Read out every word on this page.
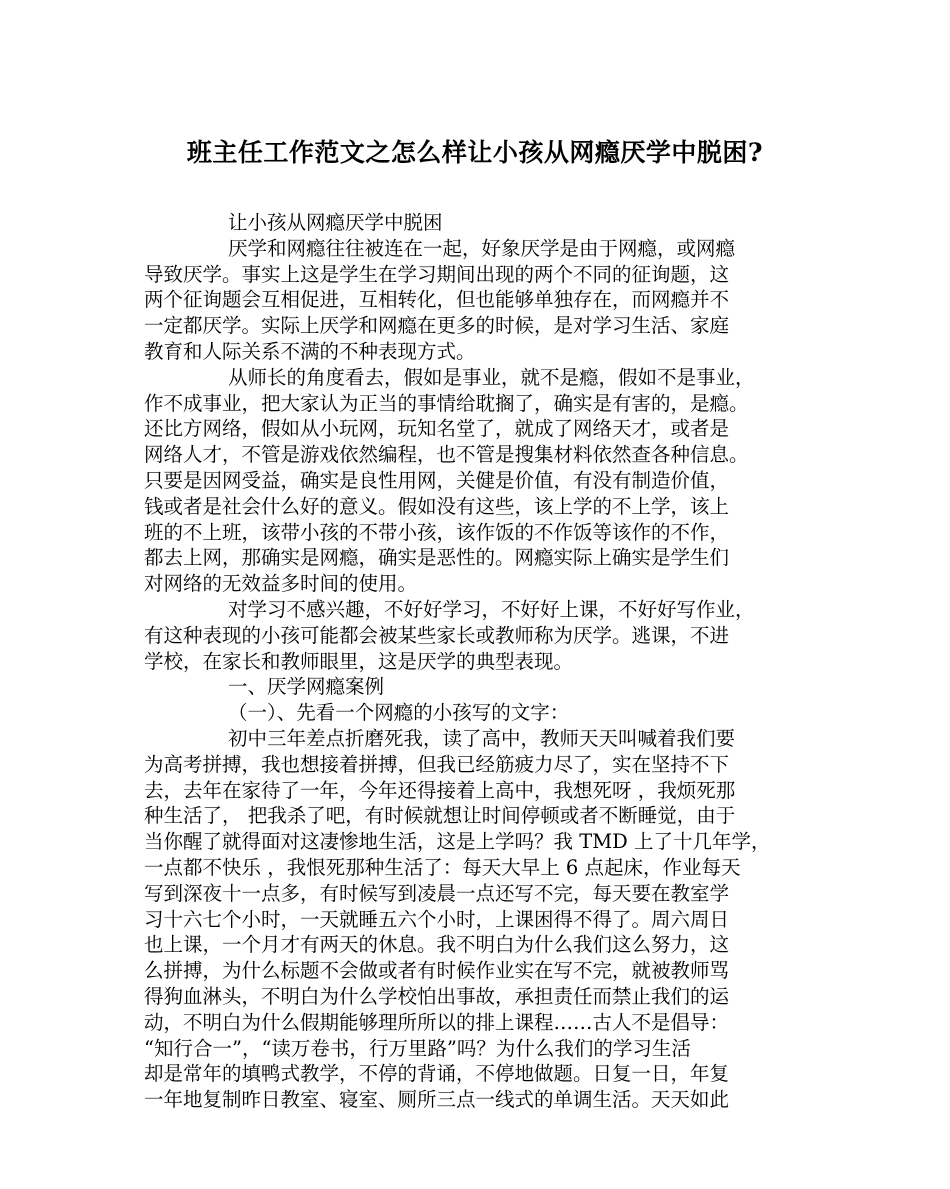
班主任工作范文之怎么样让小孩从网瘾厌学中脱困?
让小孩从网瘾厌学中脱困
厌学和网瘾往往被连在一起，好象厌学是由于网瘾，或网瘾
导致厌学。事实上这是学生在学习期间出现的两个不同的征询题，这
两个征询题会互相促进，互相转化，但也能够单独存在，而网瘾并不
一定都厌学。实际上厌学和网瘾在更多的时候，是对学习生活、家庭
教育和人际关系不满的不种表现方式。
从师长的角度看去，假如是事业，就不是瘾，假如不是事业，
作不成事业，把大家认为正当的事情给耽搁了，确实是有害的，是瘾。
还比方网络，假如从小玩网，玩知名堂了，就成了网络天才，或者是
网络人才，不管是游戏依然编程，也不管是搜集材料依然查各种信息。
只要是因网受益，确实是良性用网，关健是价值，有没有制造价值，
钱或者是社会什么好的意义。假如没有这些，该上学的不上学，该上
班的不上班，该带小孩的不带小孩，该作饭的不作饭等该作的不作，
都去上网，那确实是网瘾，确实是恶性的。网瘾实际上确实是学生们
对网络的无效益多时间的使用。
对学习不感兴趣，不好好学习，不好好上课，不好好写作业，
有这种表现的小孩可能都会被某些家长或教师称为厌学。逃课，不进
学校，在家长和教师眼里，这是厌学的典型表现。
一、厌学网瘾案例
（一）、先看一个网瘾的小孩写的文字：
初中三年差点折磨死我，读了高中，教师天天叫喊着我们要
为高考拼搏，我也想接着拼搏，但我已经筋疲力尽了，实在坚持不下
去，去年在家待了一年，今年还得接着上高中，我想死呀 ，我烦死那
种生活了， 把我杀了吧，有时候就想让时间停顿或者不断睡觉，由于
当你醒了就得面对这凄惨地生活，这是上学吗？我 TMD 上了十几年学，
一点都不快乐 ，我恨死那种生活了：每天大早上 6 点起床，作业每天
写到深夜十一点多，有时候写到凌晨一点还写不完，每天要在教室学
习十六七个小时，一天就睡五六个小时，上课困得不得了。周六周日
也上课，一个月才有两天的休息。我不明白为什么我们这么努力，这
么拼搏，为什么标题不会做或者有时候作业实在写不完，就被教师骂
得狗血淋头，不明白为什么学校怕出事故，承担责任而禁止我们的运
动，不明白为什么假期能够理所所以的排上课程……古人不是倡导：
“知行合一”，“读万卷书，行万里路”吗？为什么我们的学习生活
却是常年的填鸭式教学，不停的背诵，不停地做题。日复一日，年复
一年地复制昨日教室、寝室、厕所三点一线式的单调生活。天天如此
